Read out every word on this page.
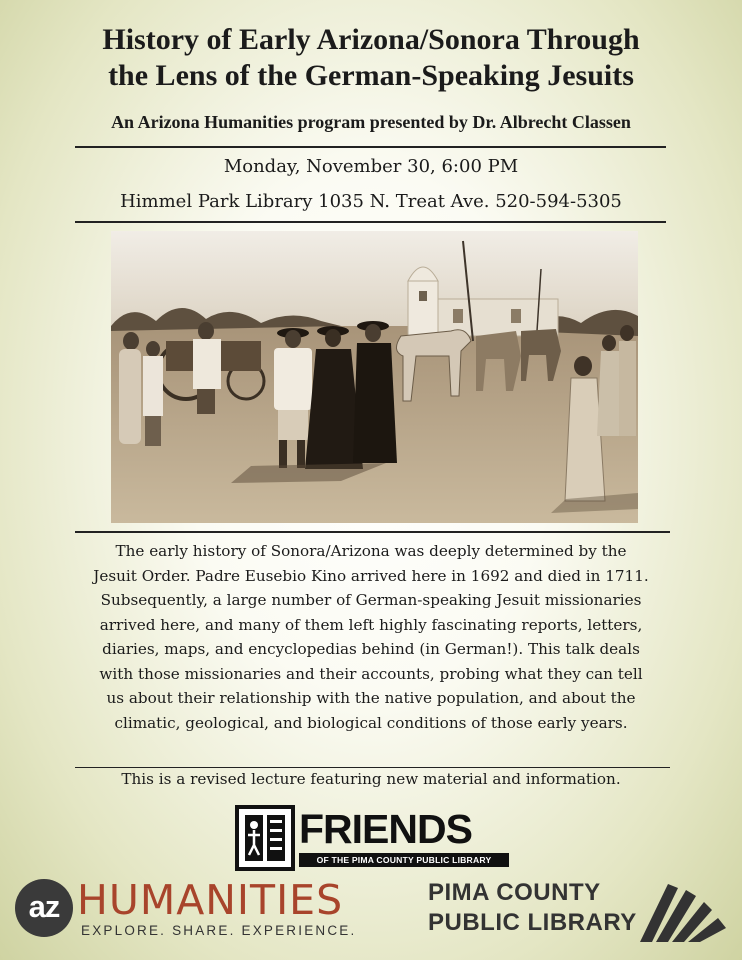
History of Early Arizona/Sonora Through
the Lens of the German-Speaking Jesuits
An Arizona Humanities program presented by Dr. Albrecht Classen
Monday, November 30, 6:00 PM
Himmel Park Library 1035 N. Treat Ave. 520-594-5305
The early history of Sonora/Arizona was deeply determined by the
Jesuit Order. Padre Eusebio Kino arrived here in 1692 and died in 1711.
Subsequently, a large number of German-speaking Jesuit missionaries
arrived here, and many of them left highly fascinating reports, letters,
diaries, maps, and encyclopedias behind (in German!). This talk deals
with those missionaries and their accounts, probing what they can tell
us about their relationship with the native population, and about the
climatic, geological, and biological conditions of those early years.
This is a revised lecture featuring new material and information.
FRIENDS
OF THE PIMA COUNTY PUBLIC LIBRARY
az HUMANITIES
EXPLORE. SHARE. EXPERIENCE.
PIMA COUNTY
PUBLIC LIBRARY
